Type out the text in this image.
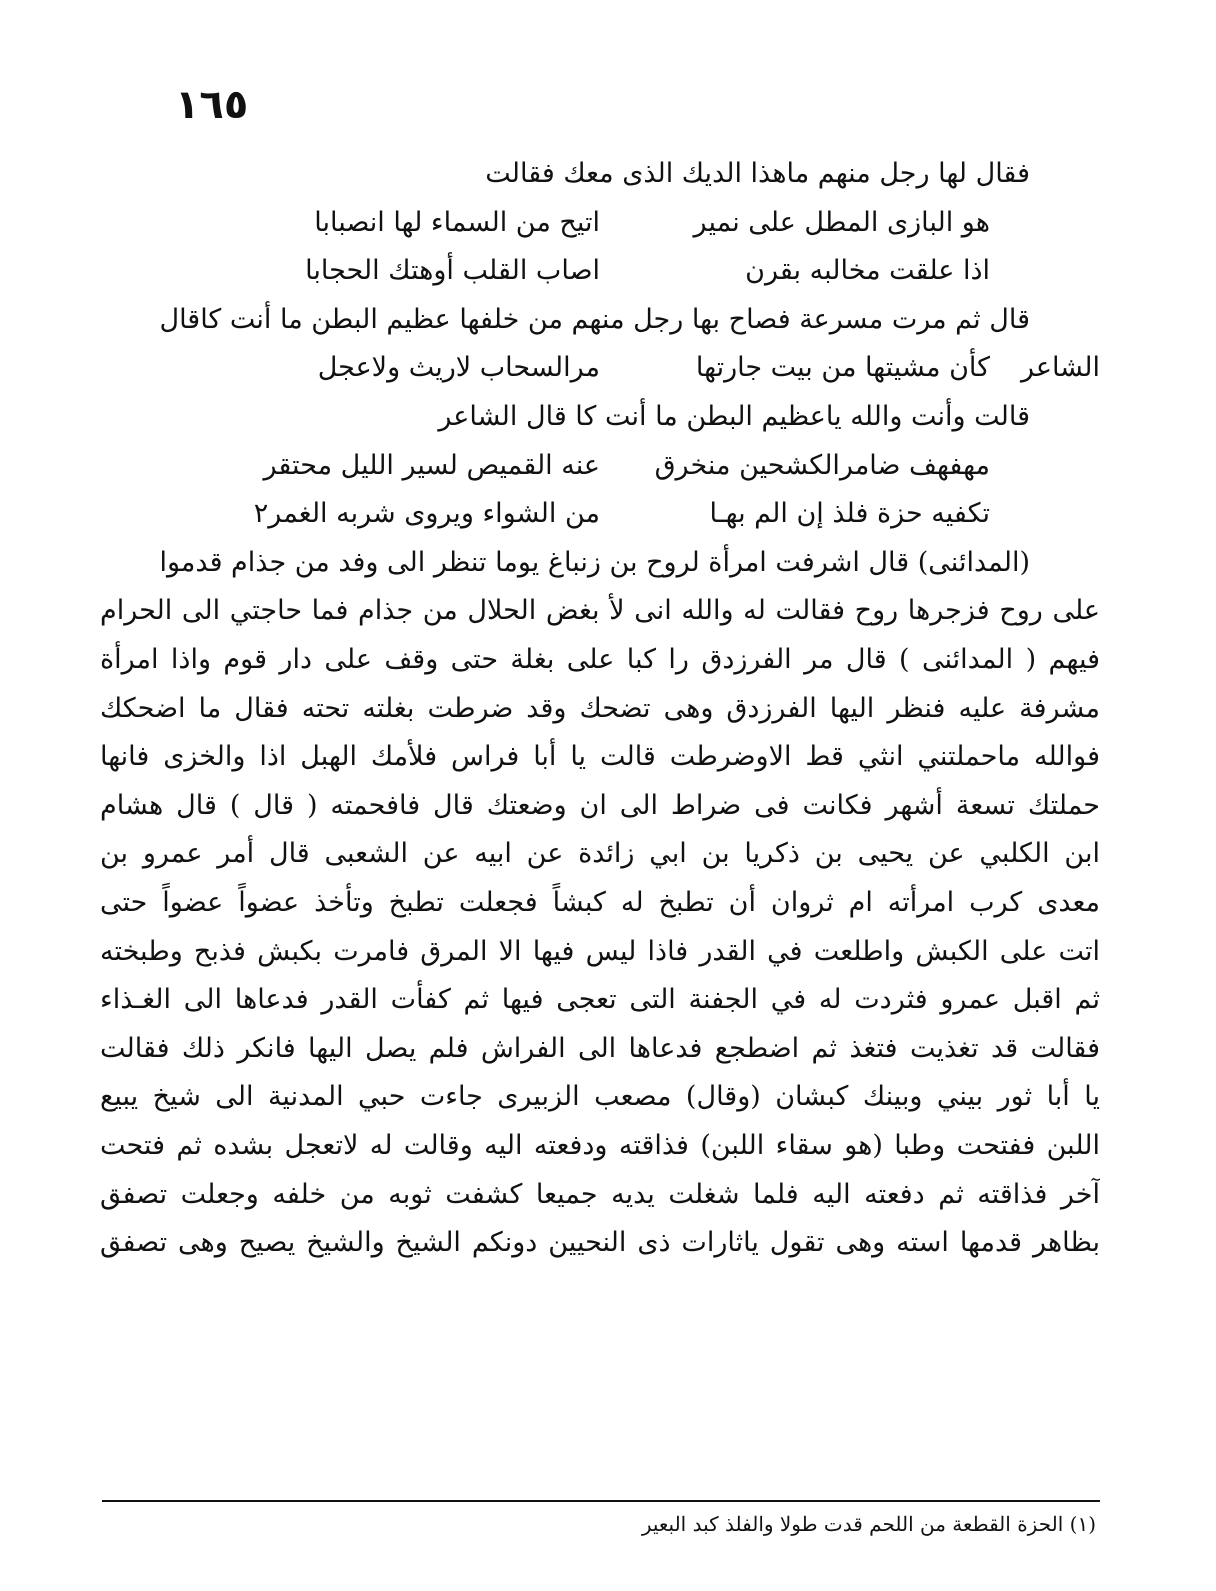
١٦٥
فقال لها رجل منهم ماهذا الديك الذى معك فقالت
هو البازى المطل على نمير
اتيح من السماء لها انصبابا
اذا علقت مخالبه بقرن
اصاب القلب أوهتك الحجابا
قال ثم مرت مسرعة فصاح بها رجل منهم من خلفها عظيم البطن ما أنت كاقال
الشاعر
كأن مشيتها من بيت جارتها
مرالسحاب لاريث ولاعجل
قالت وأنت والله ياعظيم البطن ما أنت كا قال الشاعر
مهفهف ضامرالكشحين منخرق
عنه القميص لسير الليل محتقر
تكفيه حزة فلذ إن الم بهـا
من الشواء ويروى شربه الغمر٢
(المدائنى) قال اشرفت امرأة لروح بن زنباغ يوما تنظر الى وفد من جذام قدموا
على روح فزجرها روح فقالت له والله انى لأ بغض الحلال من جذام فما حاجتي الى الحرام
فيهم ( المدائنى ) قال مر الفرزدق را كبا على بغلة حتى وقف على دار قوم واذا امرأة
مشرفة عليه فنظر اليها الفرزدق وهى تضحك وقد ضرطت بغلته تحته فقال ما اضحكك
فوالله ماحملتني انثي قط الاوضرطت قالت يا أبا فراس فلأمك الهبل اذا والخزى فانها
حملتك تسعة أشهر فكانت فى ضراط الى ان وضعتك قال فافحمته ( قال ) قال هشام
ابن الكلبي عن يحيى بن ذكريا بن ابي زائدة عن ابيه عن الشعبى قال أمر عمرو بن
معدى كرب امرأته ام ثروان أن تطبخ له كبشاً فجعلت تطبخ وتأخذ عضواً عضواً حتى
اتت على الكبش واطلعت في القدر فاذا ليس فيها الا المرق فامرت بكبش فذبح وطبخته
ثم اقبل عمرو فثردت له في الجفنة التى تعجى فيها ثم كفأت القدر فدعاها الى الغـذاء
فقالت قد تغذيت فتغذ ثم اضطجع فدعاها الى الفراش فلم يصل اليها فانكر ذلك فقالت
يا أبا ثور بيني وبينك كبشان (وقال) مصعب الزبيرى جاءت حبي المدنية الى شيخ يبيع
اللبن ففتحت وطبا (هو سقاء اللبن) فذاقته ودفعته اليه وقالت له لاتعجل بشده ثم فتحت
آخر فذاقته ثم دفعته اليه فلما شغلت يديه جميعا كشفت ثوبه من خلفه وجعلت تصفق
بظاهر قدمها استه وهى تقول ياثارات ذى النحيين دونكم الشيخ والشيخ يصيح وهى تصفق
(١) الحزة القطعة من اللحم قدت طولا والفلذ كبد البعير
